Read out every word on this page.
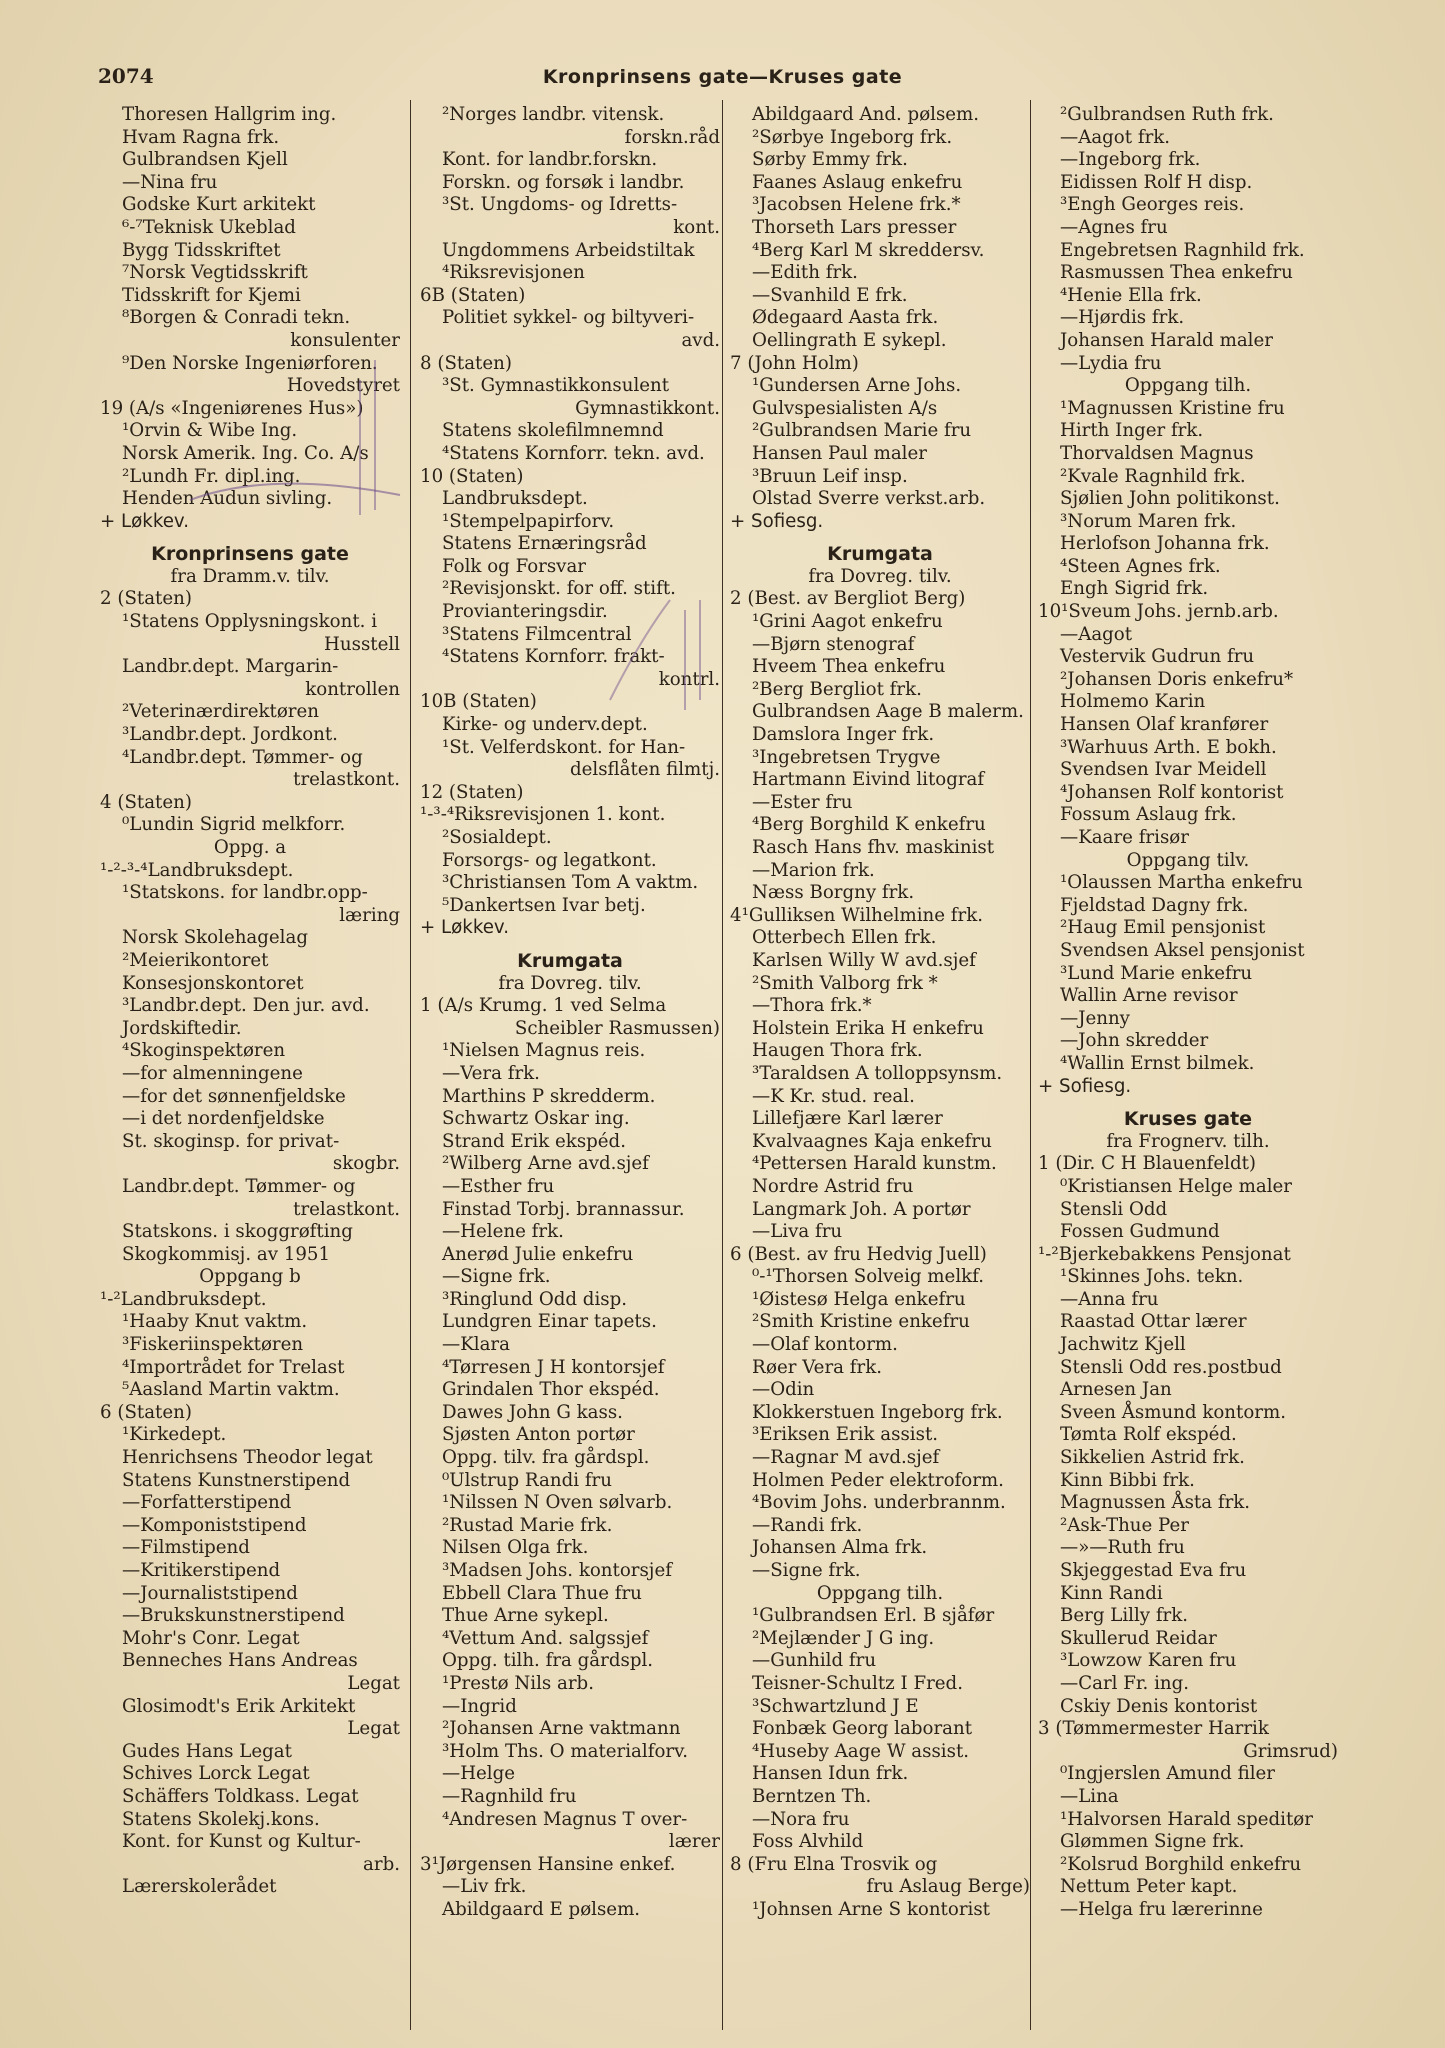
2074	Kronprinsens gate—Kruses gate
Thoresen Hallgrim ing.
Hvam Ragna frk.
Gulbrandsen Kjell
—Nina fru
Godske Kurt arkitekt
⁶-⁷Teknisk Ukeblad
Bygg Tidsskriftet
⁷Norsk Vegtidsskrift
Tidsskrift for Kjemi
⁸Borgen & Conradi tekn.
konsulenter
⁹Den Norske Ingeniørforen.
Hovedstyret
19 (A/s «Ingeniørenes Hus»)
¹Orvin & Wibe Ing.
Norsk Amerik. Ing. Co. A/s
²Lundh Fr. dipl.ing.
Henden Audun sivling.
+ Løkkev.
Kronprinsens gate
fra Dramm.v. tilv.
2 (Staten)
¹Statens Opplysningskont. i
Husstell
Landbr.dept. Margarin-
kontrollen
²Veterinærdirektøren
³Landbr.dept. Jordkont.
⁴Landbr.dept. Tømmer- og
trelastkont.
4 (Staten)
⁰Lundin Sigrid melkforr.
Oppg. a
¹-²-³-⁴Landbruksdept.
¹Statskons. for landbr.opp-
læring
Norsk Skolehagelag
²Meierikontoret
Konsesjonskontoret
³Landbr.dept. Den jur. avd.
Jordskiftedir.
⁴Skoginspektøren
—for almenningene
—for det sønnenfjeldske
—i det nordenfjeldske
St. skoginsp. for privat-
skogbr.
Landbr.dept. Tømmer- og
trelastkont.
Statskons. i skoggrøfting
Skogkommisj. av 1951
Oppgang b
¹-²Landbruksdept.
¹Haaby Knut vaktm.
³Fiskeriinspektøren
⁴Importrådet for Trelast
⁵Aasland Martin vaktm.
6 (Staten)
¹Kirkedept.
Henrichsens Theodor legat
Statens Kunstnerstipend
—Forfatterstipend
—Komponiststipend
—Filmstipend
—Kritikerstipend
—Journaliststipend
—Brukskunstnerstipend
Mohr's Conr. Legat
Benneches Hans Andreas
Legat
Glosimodt's Erik Arkitekt
Legat
Gudes Hans Legat
Schives Lorck Legat
Schäffers Toldkass. Legat
Statens Skolekj.kons.
Kont. for Kunst og Kultur-
arb.
Lærerskolerådet
²Norges landbr. vitensk.
forskn.råd
Kont. for landbr.forskn.
Forskn. og forsøk i landbr.
³St. Ungdoms- og Idretts-
kont.
Ungdommens Arbeidstiltak
⁴Riksrevisjonen
6B (Staten)
Politiet sykkel- og biltyveri-
avd.
8 (Staten)
³St. Gymnastikkonsulent
Gymnastikkont.
Statens skolefilmnemnd
⁴Statens Kornforr. tekn. avd.
10 (Staten)
Landbruksdept.
¹Stempelpapirforv.
Statens Ernæringsråd
Folk og Forsvar
²Revisjonskt. for off. stift.
Provianteringsdir.
³Statens Filmcentral
⁴Statens Kornforr. frakt-
kontrl.
10B (Staten)
Kirke- og underv.dept.
¹St. Velferdskont. for Han-
delsflåten filmtj.
12 (Staten)
¹-³-⁴Riksrevisjonen 1. kont.
²Sosialdept.
Forsorgs- og legatkont.
³Christiansen Tom A vaktm.
⁵Dankertsen Ivar betj.
+ Løkkev.
Krumgata
fra Dovreg. tilv.
1 (A/s Krumg. 1 ved Selma
Scheibler Rasmussen)
¹Nielsen Magnus reis.
—Vera frk.
Marthins P skredderm.
Schwartz Oskar ing.
Strand Erik ekspéd.
²Wilberg Arne avd.sjef
—Esther fru
Finstad Torbj. brannassur.
—Helene frk.
Anerød Julie enkefru
—Signe frk.
³Ringlund Odd disp.
Lundgren Einar tapets.
—Klara
⁴Tørresen J H kontorsjef
Grindalen Thor ekspéd.
Dawes John G kass.
Sjøsten Anton portør
Oppg. tilv. fra gårdspl.
⁰Ulstrup Randi fru
¹Nilssen N Oven sølvarb.
²Rustad Marie frk.
Nilsen Olga frk.
³Madsen Johs. kontorsjef
Ebbell Clara Thue fru
Thue Arne sykepl.
⁴Vettum And. salgssjef
Oppg. tilh. fra gårdspl.
¹Prestø Nils arb.
—Ingrid
²Johansen Arne vaktmann
³Holm Ths. O materialforv.
—Helge
—Ragnhild fru
⁴Andresen Magnus T over-
lærer
3¹Jørgensen Hansine enkef.
—Liv frk.
Abildgaard E pølsem.
Abildgaard And. pølsem.
²Sørbye Ingeborg frk.
Sørby Emmy frk.
Faanes Aslaug enkefru
³Jacobsen Helene frk.*
Thorseth Lars presser
⁴Berg Karl M skreddersv.
—Edith frk.
—Svanhild E frk.
Ødegaard Aasta frk.
Oellingrath E sykepl.
7 (John Holm)
¹Gundersen Arne Johs.
Gulvspesialisten A/s
²Gulbrandsen Marie fru
Hansen Paul maler
³Bruun Leif insp.
Olstad Sverre verkst.arb.
+ Sofiesg.
Krumgata
fra Dovreg. tilv.
2 (Best. av Bergliot Berg)
¹Grini Aagot enkefru
—Bjørn stenograf
Hveem Thea enkefru
²Berg Bergliot frk.
Gulbrandsen Aage B malerm.
Damslora Inger frk.
³Ingebretsen Trygve
Hartmann Eivind litograf
—Ester fru
⁴Berg Borghild K enkefru
Rasch Hans fhv. maskinist
—Marion frk.
Næss Borgny frk.
4¹Gulliksen Wilhelmine frk.
Otterbech Ellen frk.
Karlsen Willy W avd.sjef
²Smith Valborg frk *
—Thora frk.*
Holstein Erika H enkefru
Haugen Thora frk.
³Taraldsen A tolloppsynsm.
—K Kr. stud. real.
Lillefjære Karl lærer
Kvalvaagnes Kaja enkefru
⁴Pettersen Harald kunstm.
Nordre Astrid fru
Langmark Joh. A portør
—Liva fru
6 (Best. av fru Hedvig Juell)
⁰-¹Thorsen Solveig melkf.
¹Øistesø Helga enkefru
²Smith Kristine enkefru
—Olaf kontorm.
Røer Vera frk.
—Odin
Klokkerstuen Ingeborg frk.
³Eriksen Erik assist.
—Ragnar M avd.sjef
Holmen Peder elektroform.
⁴Bovim Johs. underbrannm.
—Randi frk.
Johansen Alma frk.
—Signe frk.
Oppgang tilh.
¹Gulbrandsen Erl. B sjåfør
²Mejlænder J G ing.
—Gunhild fru
Teisner-Schultz I Fred.
³Schwartzlund J E
Fonbæk Georg laborant
⁴Huseby Aage W assist.
Hansen Idun frk.
Berntzen Th.
—Nora fru
Foss Alvhild
8 (Fru Elna Trosvik og
fru Aslaug Berge)
¹Johnsen Arne S kontorist
²Gulbrandsen Ruth frk.
—Aagot frk.
—Ingeborg frk.
Eidissen Rolf H disp.
³Engh Georges reis.
—Agnes fru
Engebretsen Ragnhild frk.
Rasmussen Thea enkefru
⁴Henie Ella frk.
—Hjørdis frk.
Johansen Harald maler
—Lydia fru
Oppgang tilh.
¹Magnussen Kristine fru
Hirth Inger frk.
Thorvaldsen Magnus
²Kvale Ragnhild frk.
Sjølien John politikonst.
³Norum Maren frk.
Herlofson Johanna frk.
⁴Steen Agnes frk.
Engh Sigrid frk.
10¹Sveum Johs. jernb.arb.
—Aagot
Vestervik Gudrun fru
²Johansen Doris enkefru*
Holmemo Karin
Hansen Olaf kranfører
³Warhuus Arth. E bokh.
Svendsen Ivar Meidell
⁴Johansen Rolf kontorist
Fossum Aslaug frk.
—Kaare frisør
Oppgang tilv.
¹Olaussen Martha enkefru
Fjeldstad Dagny frk.
²Haug Emil pensjonist
Svendsen Aksel pensjonist
³Lund Marie enkefru
Wallin Arne revisor
—Jenny
—John skredder
⁴Wallin Ernst bilmek.
+ Sofiesg.
Kruses gate
fra Frognerv. tilh.
1 (Dir. C H Blauenfeldt)
⁰Kristiansen Helge maler
Stensli Odd
Fossen Gudmund
¹-²Bjerkebakkens Pensjonat
¹Skinnes Johs. tekn.
—Anna fru
Raastad Ottar lærer
Jachwitz Kjell
Stensli Odd res.postbud
Arnesen Jan
Sveen Åsmund kontorm.
Tømta Rolf ekspéd.
Sikkelien Astrid frk.
Kinn Bibbi frk.
Magnussen Åsta frk.
²Ask-Thue Per
—»—Ruth fru
Skjeggestad Eva fru
Kinn Randi
Berg Lilly frk.
Skullerud Reidar
³Lowzow Karen fru
—Carl Fr. ing.
Cskiy Denis kontorist
3 (Tømmermester Harrik
Grimsrud)
⁰Ingjerslen Amund filer
—Lina
¹Halvorsen Harald speditør
Glømmen Signe frk.
²Kolsrud Borghild enkefru
Nettum Peter kapt.
—Helga fru lærerinne
